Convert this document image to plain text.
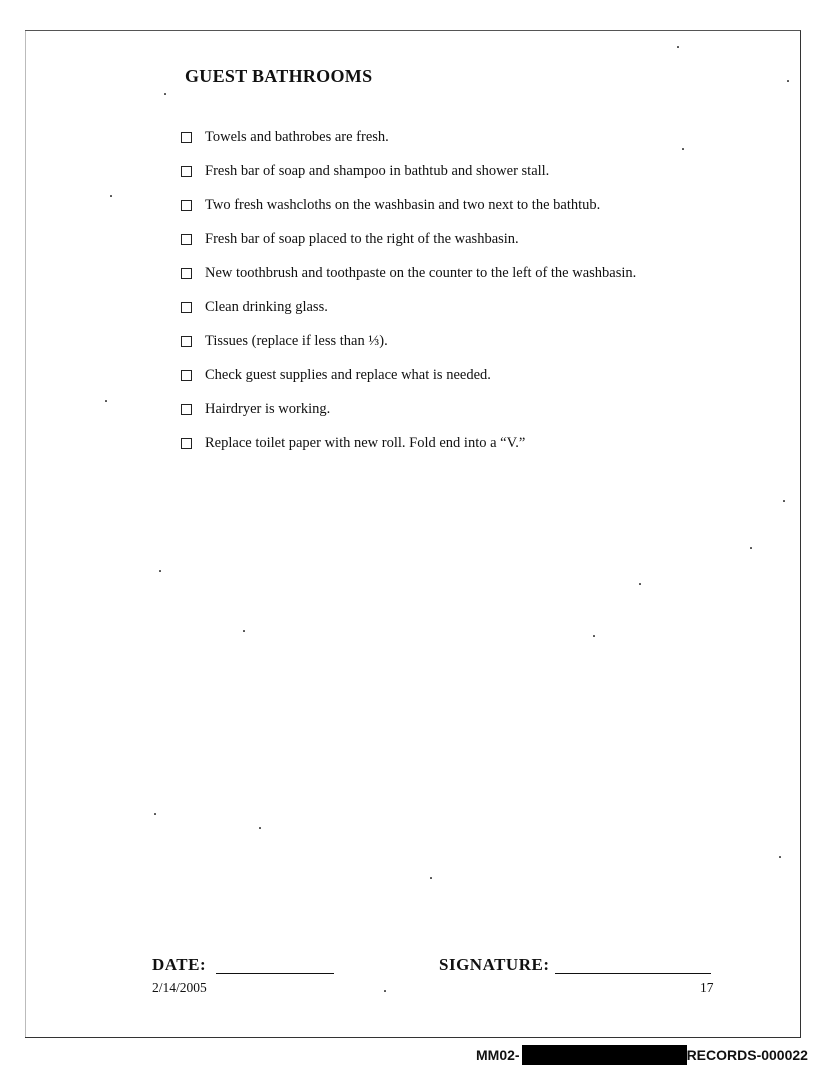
GUEST BATHROOMS
Towels and bathrobes are fresh.
Fresh bar of soap and shampoo in bathtub and shower stall.
Two fresh washcloths on the washbasin and two next to the bathtub.
Fresh bar of soap placed to the right of the washbasin.
New toothbrush and toothpaste on the counter to the left of the washbasin.
Clean drinking glass.
Tissues (replace if less than ⅓).
Check guest supplies and replace what is needed.
Hairdryer is working.
Replace toilet paper with new roll. Fold end into a “V.”
DATE:	SIGNATURE:
2/14/2005	17
MM02-	RECORDS-000022
